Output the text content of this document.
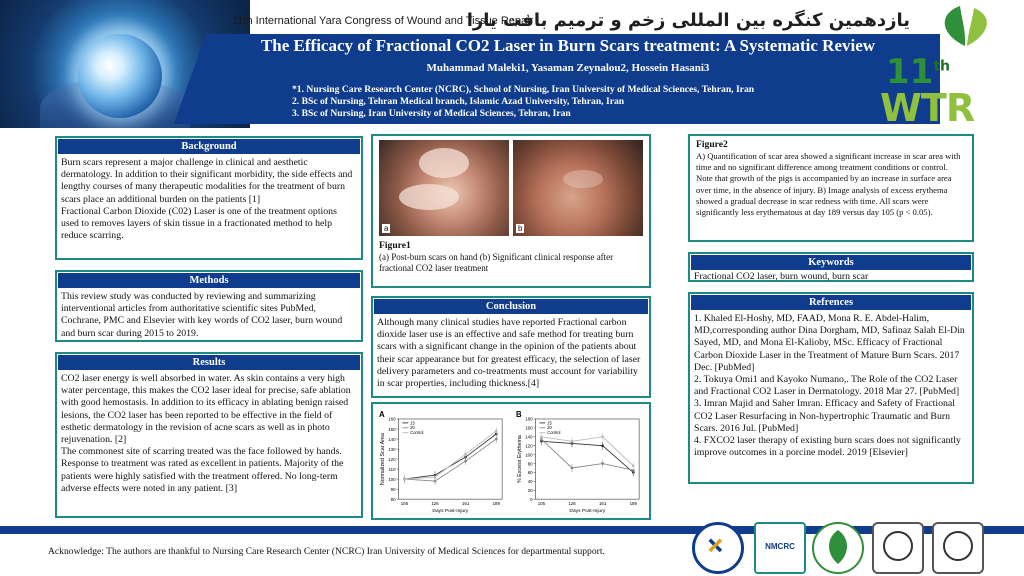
11th International Yara Congress of Wound and Tissue Repair
یازدهمین کنگره بین المللی زخم و ترمیم بافت یارا
The Efficacy of Fractional CO2 Laser in Burn Scars treatment: A Systematic Review
Muhammad Maleki1, Yasaman Zeynalou2, Hossein Hasani3
*1. Nursing Care Research Center (NCRC), School of Nursing, Iran University of Medical Sciences, Tehran, Iran
2. BSc of Nursing, Tehran Medical branch, Islamic Azad University, Tehran, Iran
3. BSc of Nursing, Iran University of Medical Sciences, Tehran, Iran
11th
WTR
Background

Burn scars represent a major challenge in clinical and aesthetic dermatology. In addition to their significant morbidity, the side effects and lengthy courses of many therapeutic modalities for the treatment of burn scars place an additional burden on the patients [1]

Fractional Carbon Dioxide (C02) Laser is one of the treatment options used to removes layers of skin tissue in a fractionated method to help reduce scarring.

Methods

This review study was conducted by reviewing and summarizing interventional articles from authoritative scientific sites PubMed, Cochrane, PMC and Elsevier with key words of CO2 laser, burn wound and burn scar during 2015 to 2019.

Results

CO2 laser energy is well absorbed in water. As skin contains a very high water percentage, this makes the CO2 laser ideal for precise, safe ablation with good hemostasis. In addition to its efficacy in ablating benign raised lesions, the CO2 laser has been reported to be effective in the field of esthetic dermatology in the revision of acne scars as well as in photo rejuvenation. [2]

The commonest site of scarring treated was the face followed by hands. Response to treatment was rated as excellent in patients. Majority of the patients were highly satisfied with the treatment offered. No long-term adverse effects were noted in any patient. [3]

a	b
Figure1
(a) Post-burn scars on hand (b) Significant clinical response after fractional CO2 laser treatment
Conclusion

Although many clinical studies have reported Fractional carbon dioxide laser use is an effective and safe method for treating burn scars with a significant change in the opinion of the patients about their scar appearance but for greatest efficacy, the selection of laser delivery parameters and co-treatments must account for variability in scar properties, including thickness.[4]

A
80
90
100
110
120
130
140
150
160
105	126	161	189
Days Post-Injury
Normalized Scar Area
15
20
Control
B
0
20
40
60
80
100
120
140
160
180
105	126	161	189
Days Post-Injury
% Excess Erythema
15
20
Control
Figure2
A) Quantification of scar area showed a significant increase in scar area with time and no significant difference among treatment conditions or control. Note that growth of the pigs is accompanied by an increase in surface area over time, in the absence of injury. B) Image analysis of excess erythema showed a gradual decrease in scar redness with time. All scars were significantly less erythematous at day 189 versus day 105 (p < 0.05).
Keywords

Fractional CO2 laser, burn wound, burn scar

Refrences

1. Khaled El-Hoshy, MD, FAAD, Mona R. E. Abdel-Halim, MD,corresponding author Dina Dorgham, MD, Safinaz Salah El-Din Sayed, MD, and Mona El-Kalioby, MSc. Efficacy of Fractional Carbon Dioxide Laser in the Treatment of Mature Burn Scars. 2017 Dec. [PubMed]

2. Tokuya Omi1 and Kayoko Numano,. The Role of the CO2 Laser and Fractional CO2 Laser in Dermatology. 2018 Mar 27. [PubMed]

3. Imran Majid and Saher Imran. Efficacy and Safety of Fractional CO2 Laser Resurfacing in Non-hypertrophic Traumatic and Burn Scars. 2016 Jul. [PubMed]

4. FXCO2 laser therapy of existing burn scars does not significantly improve outcomes in a porcine model. 2019 [Elsevier]

Acknowledge: The authors are thankful to Nursing Care Research Center (NCRC) Iran University of Medical Sciences for departmental support.	NMCRC
